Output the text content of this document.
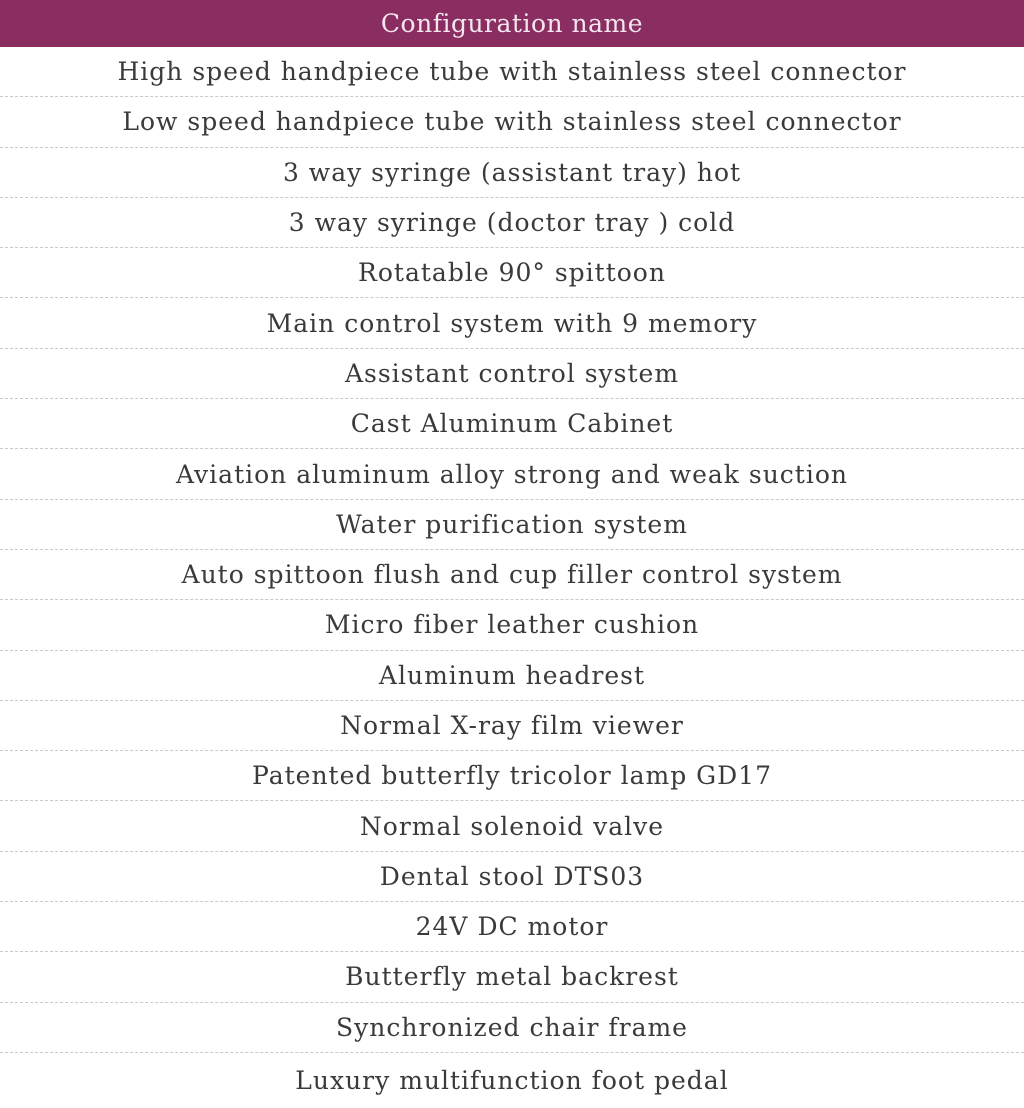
Configuration name
High speed handpiece tube with stainless steel connector
Low speed handpiece tube with stainless steel connector
3 way syringe (assistant tray) hot
3 way syringe (doctor tray ) cold
Rotatable 90° spittoon
Main control system with 9 memory
Assistant control system
Cast Aluminum Cabinet
Aviation aluminum alloy strong and weak suction
Water purification system
Auto spittoon flush and cup filler control system
Micro fiber leather cushion
Aluminum headrest
Normal X-ray film viewer
Patented butterfly tricolor lamp GD17
Normal solenoid valve
Dental stool DTS03
24V DC motor
Butterfly metal backrest
Synchronized chair frame
Luxury multifunction foot pedal
